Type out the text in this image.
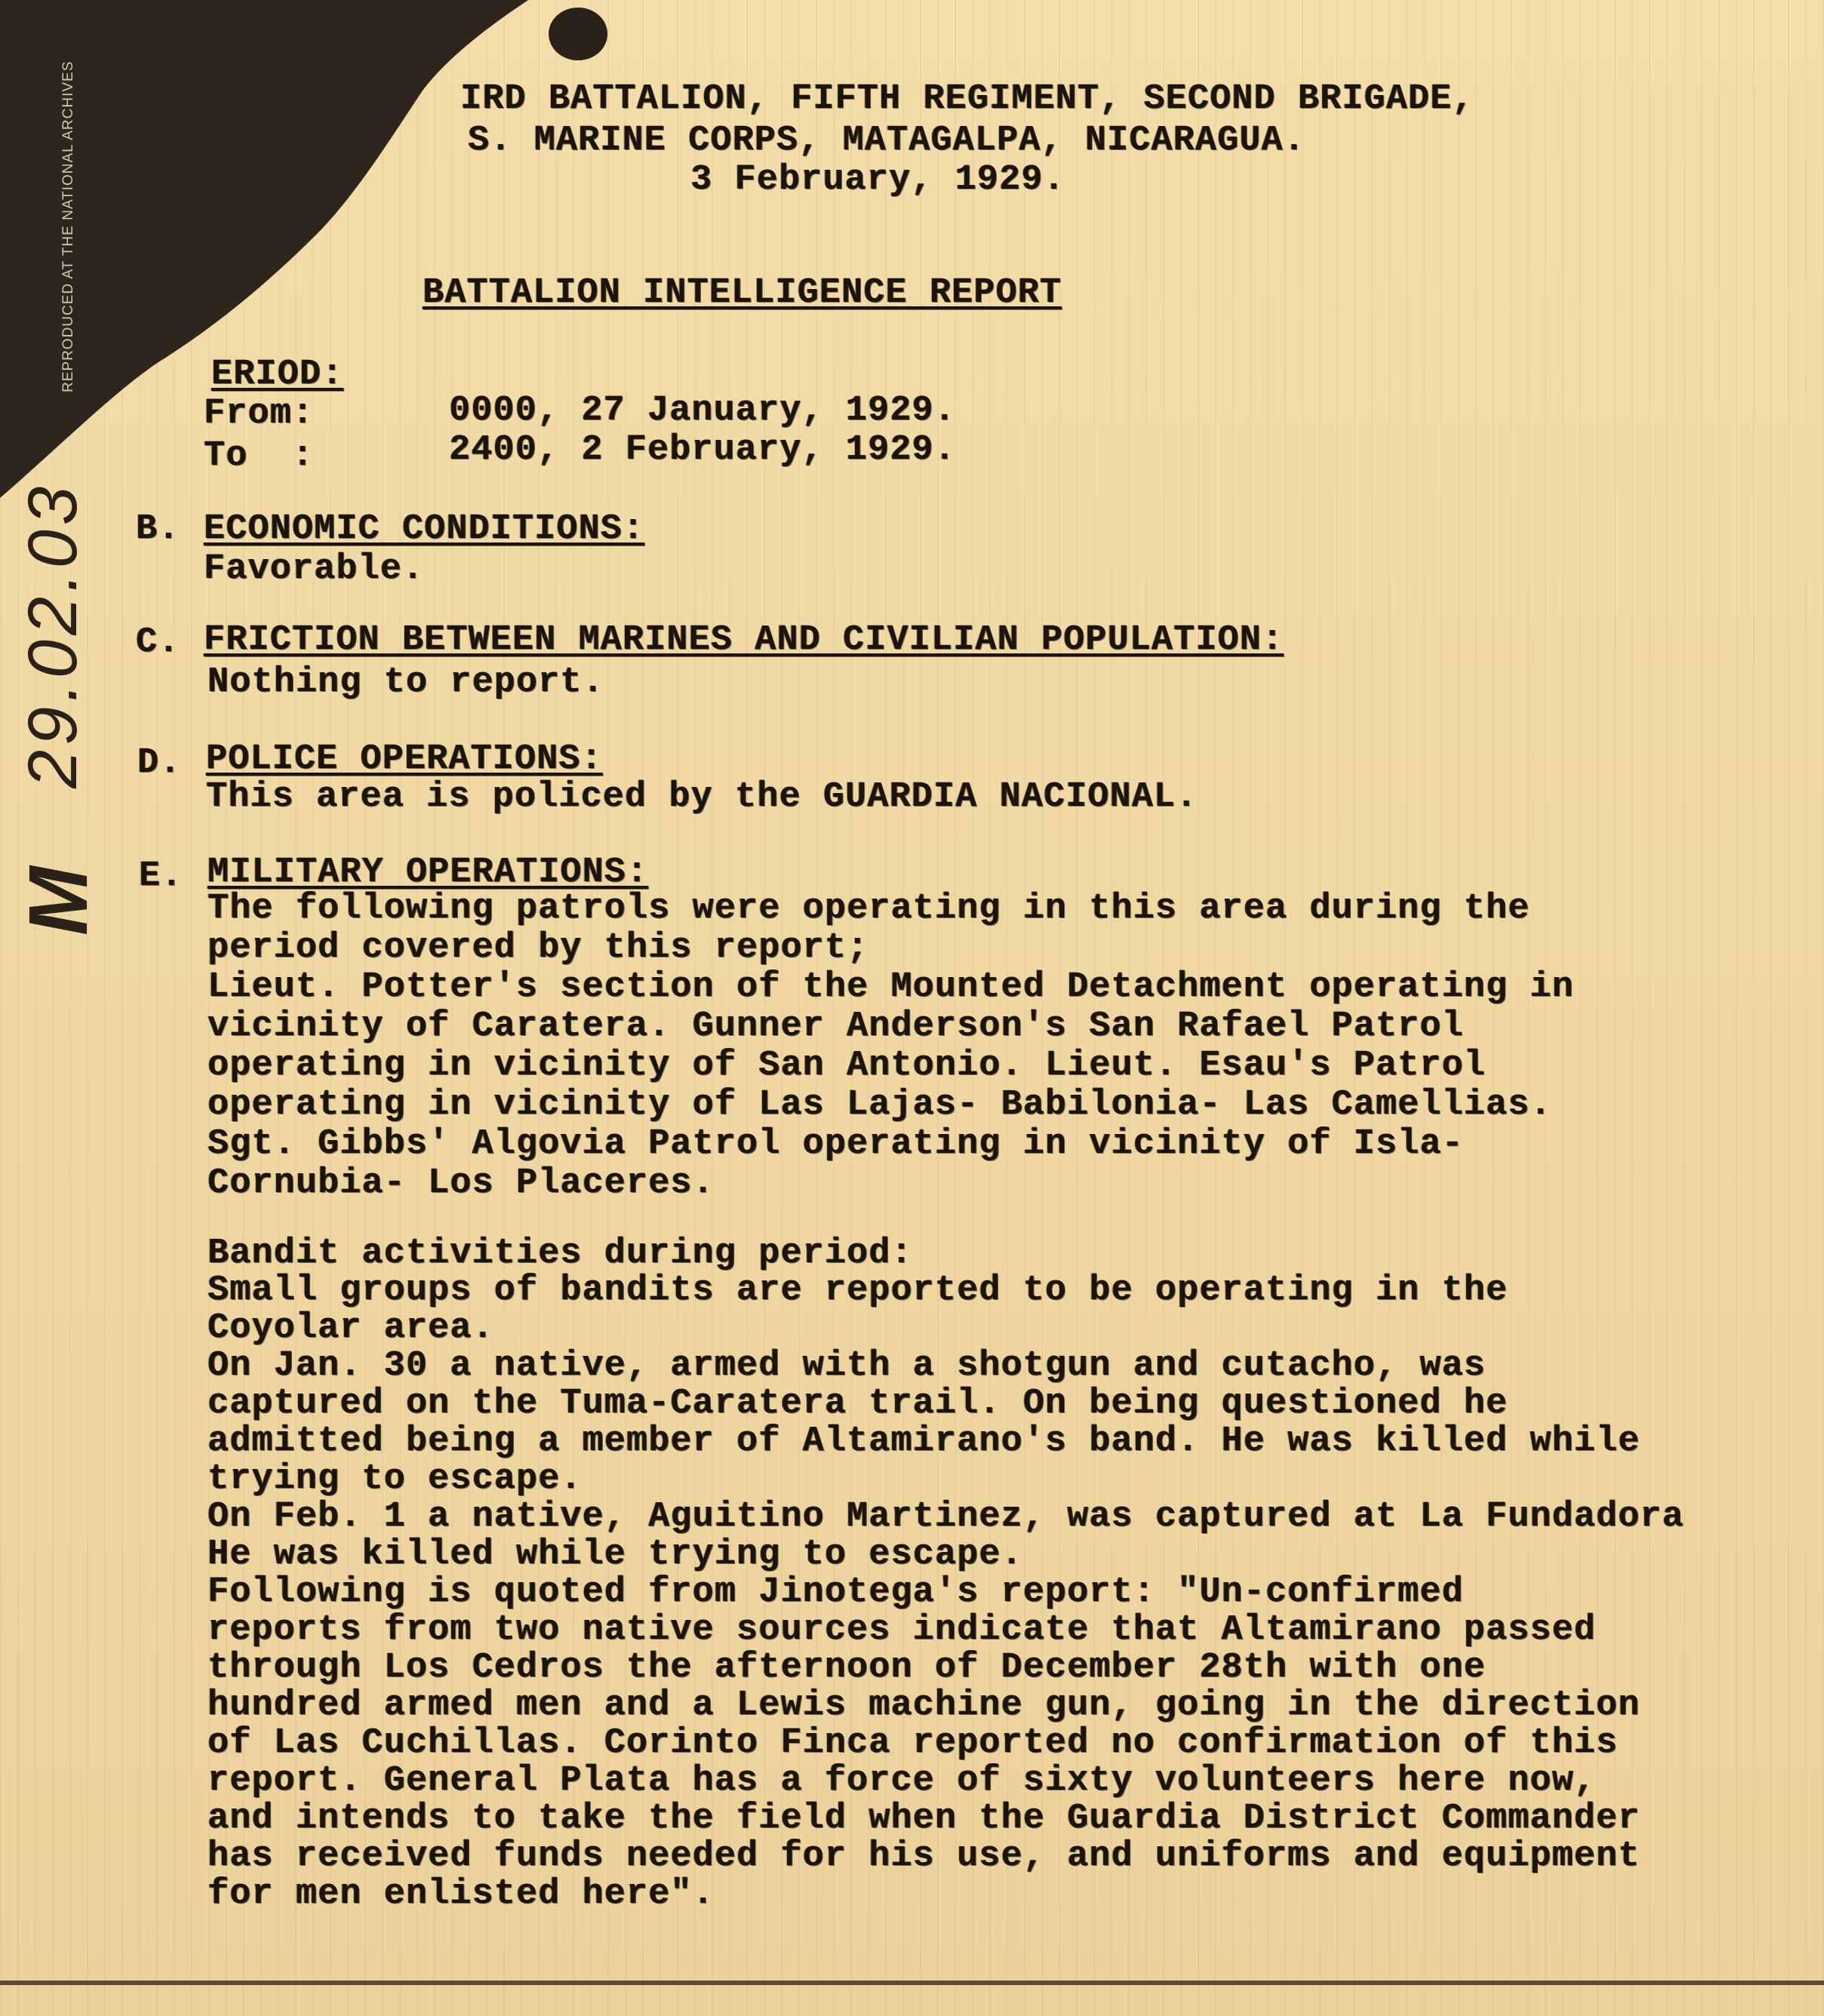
REPRODUCED AT THE NATIONAL ARCHIVES
29.02.03
M
IRD BATTALION, FIFTH REGIMENT, SECOND BRIGADE,
S. MARINE CORPS, MATAGALPA, NICARAGUA.
3 February, 1929.
BATTALION INTELLIGENCE REPORT
ERIOD:
From:	0000, 27 January, 1929.
To  :	2400, 2 February, 1929.
B. ECONOMIC CONDITIONS:
Favorable.
C. FRICTION BETWEEN MARINES AND CIVILIAN POPULATION:
Nothing to report.
D. POLICE OPERATIONS:
This area is policed by the GUARDIA NACIONAL.
E. MILITARY OPERATIONS:
The following patrols were operating in this area during the
period covered by this report;
Lieut. Potter's section of the Mounted Detachment operating in
vicinity of Caratera. Gunner Anderson's San Rafael Patrol
operating in vicinity of San Antonio. Lieut. Esau's Patrol
operating in vicinity of Las Lajas- Babilonia- Las Camellias.
Sgt. Gibbs' Algovia Patrol operating in vicinity of Isla-
Cornubia- Los Placeres.
Bandit activities during period:
Small groups of bandits are reported to be operating in the
Coyolar area.
On Jan. 30 a native, armed with a shotgun and cutacho, was
captured on the Tuma-Caratera trail. On being questioned he
admitted being a member of Altamirano's band. He was killed while
trying to escape.
On Feb. 1 a native, Aguitino Martinez, was captured at La Fundadora
He was killed while trying to escape.
Following is quoted from Jinotega's report: "Un-confirmed
reports from two native sources indicate that Altamirano passed
through Los Cedros the afternoon of December 28th with one
hundred armed men and a Lewis machine gun, going in the direction
of Las Cuchillas. Corinto Finca reported no confirmation of this
report. General Plata has a force of sixty volunteers here now,
and intends to take the field when the Guardia District Commander
has received funds needed for his use, and uniforms and equipment
for men enlisted here".
